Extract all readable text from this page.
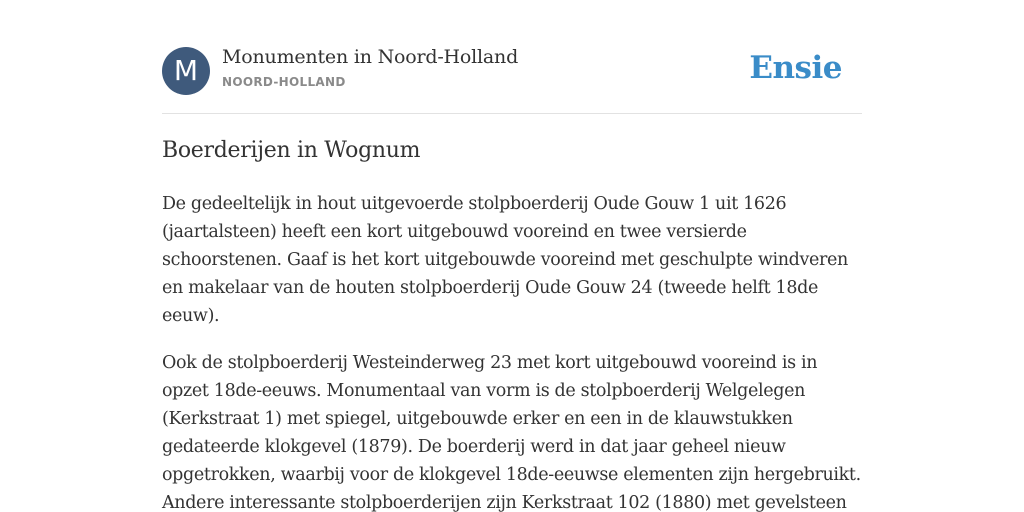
M	Monumenten in Noord-Holland
NOORD-HOLLAND	Ensie
Boerderijen in Wognum

De gedeeltelijk in hout uitgevoerde stolpboerderij Oude Gouw 1 uit 1626
(jaartalsteen) heeft een kort uitgebouwd vooreind en twee versierde
schoorstenen. Gaaf is het kort uitgebouwde vooreind met geschulpte windveren
en makelaar van de houten stolpboerderij Oude Gouw 24 (tweede helft 18de
eeuw).

Ook de stolpboerderij Westeinderweg 23 met kort uitgebouwd vooreind is in
opzet 18de-eeuws. Monumentaal van vorm is de stolpboerderij Welgelegen
(Kerkstraat 1) met spiegel, uitgebouwde erker en een in de klauwstukken
gedateerde klokgevel (1879). De boerderij werd in dat jaar geheel nieuw
opgetrokken, waarbij voor de klokgevel 18de-eeuwse elementen zijn hergebruikt.
Andere interessante stolpboerderijen zijn Kerkstraat 102 (1880) met gevelsteen
